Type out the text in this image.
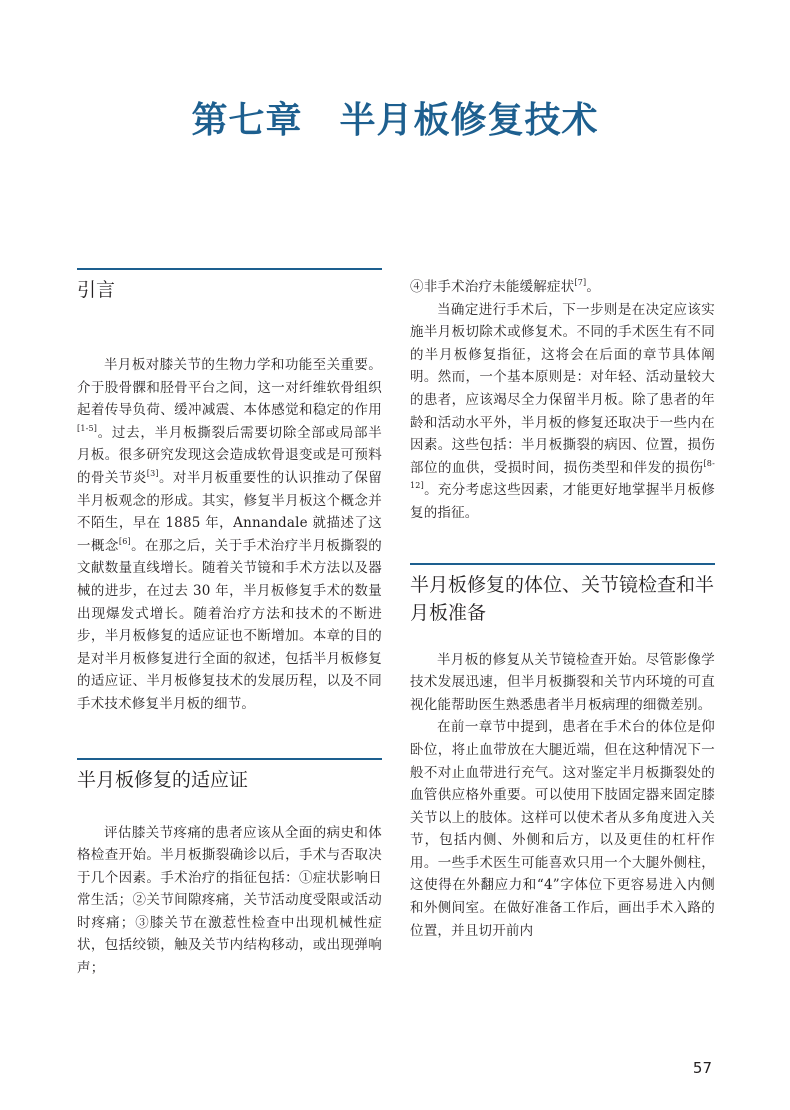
第七章　半月板修复技术
引言

半月板对膝关节的生物力学和功能至关重要。介于股骨髁和胫骨平台之间，这一对纤维软骨组织起着传导负荷、缓冲减震、本体感觉和稳定的作用[1-5]。过去，半月板撕裂后需要切除全部或局部半月板。很多研究发现这会造成软骨退变或是可预料的骨关节炎[3]。对半月板重要性的认识推动了保留半月板观念的形成。其实，修复半月板这个概念并不陌生，早在 1885 年，Annandale 就描述了这一概念[6]。在那之后，关于手术治疗半月板撕裂的文献数量直线增长。随着关节镜和手术方法以及器械的进步，在过去 30 年，半月板修复手术的数量出现爆发式增长。随着治疗方法和技术的不断进步，半月板修复的适应证也不断增加。本章的目的是对半月板修复进行全面的叙述，包括半月板修复的适应证、半月板修复技术的发展历程，以及不同手术技术修复半月板的细节。

半月板修复的适应证

评估膝关节疼痛的患者应该从全面的病史和体格检查开始。半月板撕裂确诊以后，手术与否取决于几个因素。手术治疗的指征包括：①症状影响日常生活；②关节间隙疼痛，关节活动度受限或活动时疼痛；③膝关节在激惹性检查中出现机械性症状，包括绞锁，触及关节内结构移动，或出现弹响声；

④非手术治疗未能缓解症状[7]。

当确定进行手术后，下一步则是在决定应该实施半月板切除术或修复术。不同的手术医生有不同的半月板修复指征，这将会在后面的章节具体阐明。然而，一个基本原则是：对年轻、活动量较大的患者，应该竭尽全力保留半月板。除了患者的年龄和活动水平外，半月板的修复还取决于一些内在因素。这些包括：半月板撕裂的病因、位置，损伤部位的血供，受损时间，损伤类型和伴发的损伤[8-12]。充分考虑这些因素，才能更好地掌握半月板修复的指征。

半月板修复的体位、关节镜检查和半月板准备

半月板的修复从关节镜检查开始。尽管影像学技术发展迅速，但半月板撕裂和关节内环境的可直视化能帮助医生熟悉患者半月板病理的细微差别。

在前一章节中提到，患者在手术台的体位是仰卧位，将止血带放在大腿近端，但在这种情况下一般不对止血带进行充气。这对鉴定半月板撕裂处的血管供应格外重要。可以使用下肢固定器来固定膝关节以上的肢体。这样可以使术者从多角度进入关节，包括内侧、外侧和后方，以及更佳的杠杆作用。一些手术医生可能喜欢只用一个大腿外侧柱，这使得在外翻应力和“4”字体位下更容易进入内侧和外侧间室。在做好准备工作后，画出手术入路的位置，并且切开前内

57
